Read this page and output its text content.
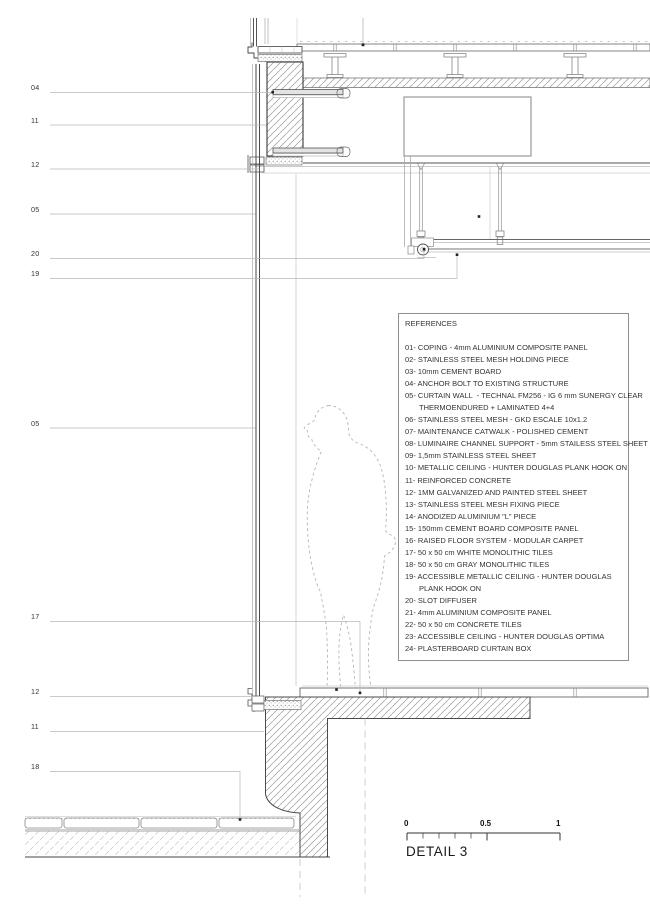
04
11
12
05
20
19
05
17
12
11
18
REFERENCES
01- COPING - 4mm ALUMINIUM COMPOSITE PANEL
02- STAINLESS STEEL MESH HOLDING PIECE
03- 10mm CEMENT BOARD
04- ANCHOR BOLT TO EXISTING STRUCTURE
05- CURTAIN WALL  - TECHNAL FM256 - IG 6 mm SUNERGY CLEAR
THERMOENDURED + LAMINATED 4+4
06- STAINLESS STEEL MESH - GKD ESCALE 10x1.2
07- MAINTENANCE CATWALK - POLISHED CEMENT
08- LUMINAIRE CHANNEL SUPPORT - 5mm STAILESS STEEL SHEET
09- 1,5mm STAINLESS STEEL SHEET
10- METALLIC CEILING - HUNTER DOUGLAS PLANK HOOK ON
11- REINFORCED CONCRETE
12- 1MM GALVANIZED AND PAINTED STEEL SHEET
13- STAINLESS STEEL MESH FIXING PIECE
14- ANODIZED ALUMINIUM "L" PIECE
15- 150mm CEMENT BOARD COMPOSITE PANEL
16- RAISED FLOOR SYSTEM - MODULAR CARPET
17- 50 x 50 cm WHITE MONOLITHIC TILES
18- 50 x 50 cm GRAY MONOLITHIC TILES
19- ACCESSIBLE METALLIC CEILING - HUNTER DOUGLAS
PLANK HOOK ON
20- SLOT DIFFUSER
21- 4mm ALUMINIUM COMPOSITE PANEL
22- 50 x 50 cm CONCRETE TILES
23- ACCESSIBLE CEILING - HUNTER DOUGLAS OPTIMA
24- PLASTERBOARD CURTAIN BOX
0	0.5	1
DETAIL 3
